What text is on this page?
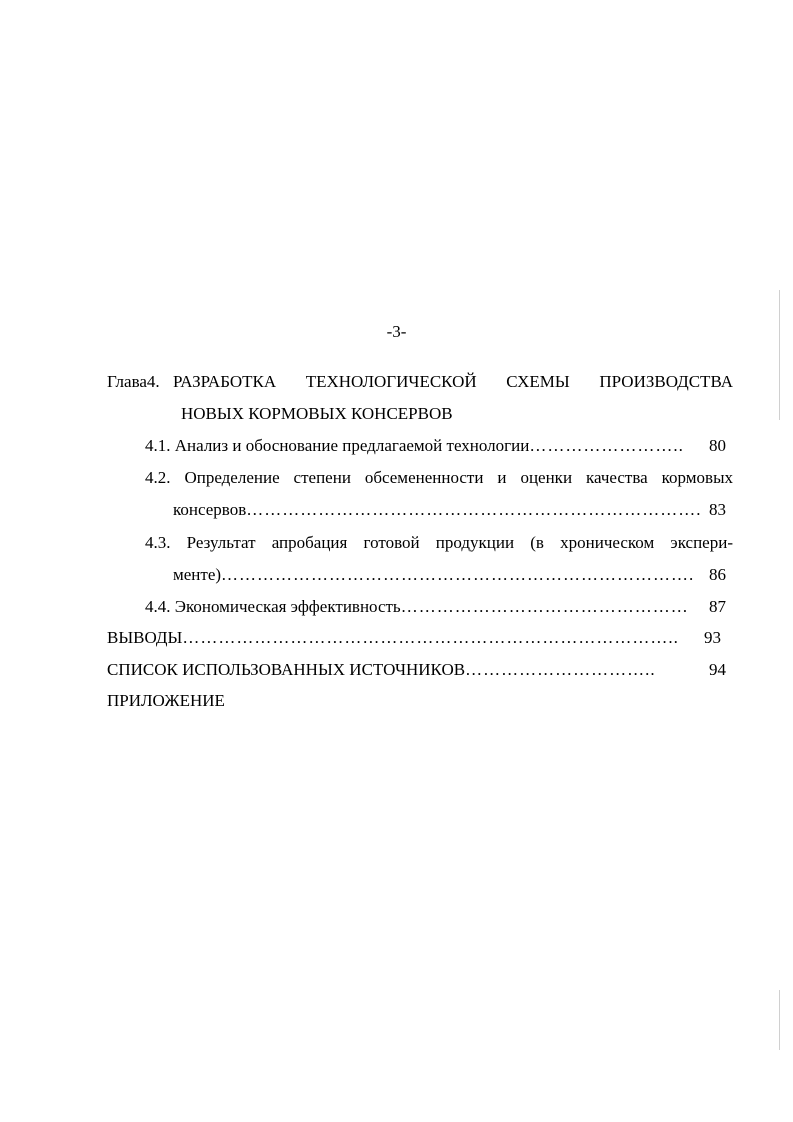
-3-
Глава4. РАЗРАБОТКА ТЕХНОЛОГИЧЕСКОЙ СХЕМЫ ПРОИЗВОДСТВА
НОВЫХ КОРМОВЫХ КОНСЕРВОВ
4.1. Анализ и обоснование предлагаемой технологии ……………………..	80
4.2. Определение степени обсемененности и оценки качества кормовых
консервов …………………………………………………………………. 83
4.3. Результат апробация готовой продукции (в хроническом экспери-
менте) ……………………………………………………………………. 86
4.4. Экономическая эффективность …………………………………………	87
ВЫВОДЫ ………………………………………………………………………..	93
СПИСОК ИСПОЛЬЗОВАННЫХ ИСТОЧНИКОВ …………………………..	94
ПРИЛОЖЕНИЕ
